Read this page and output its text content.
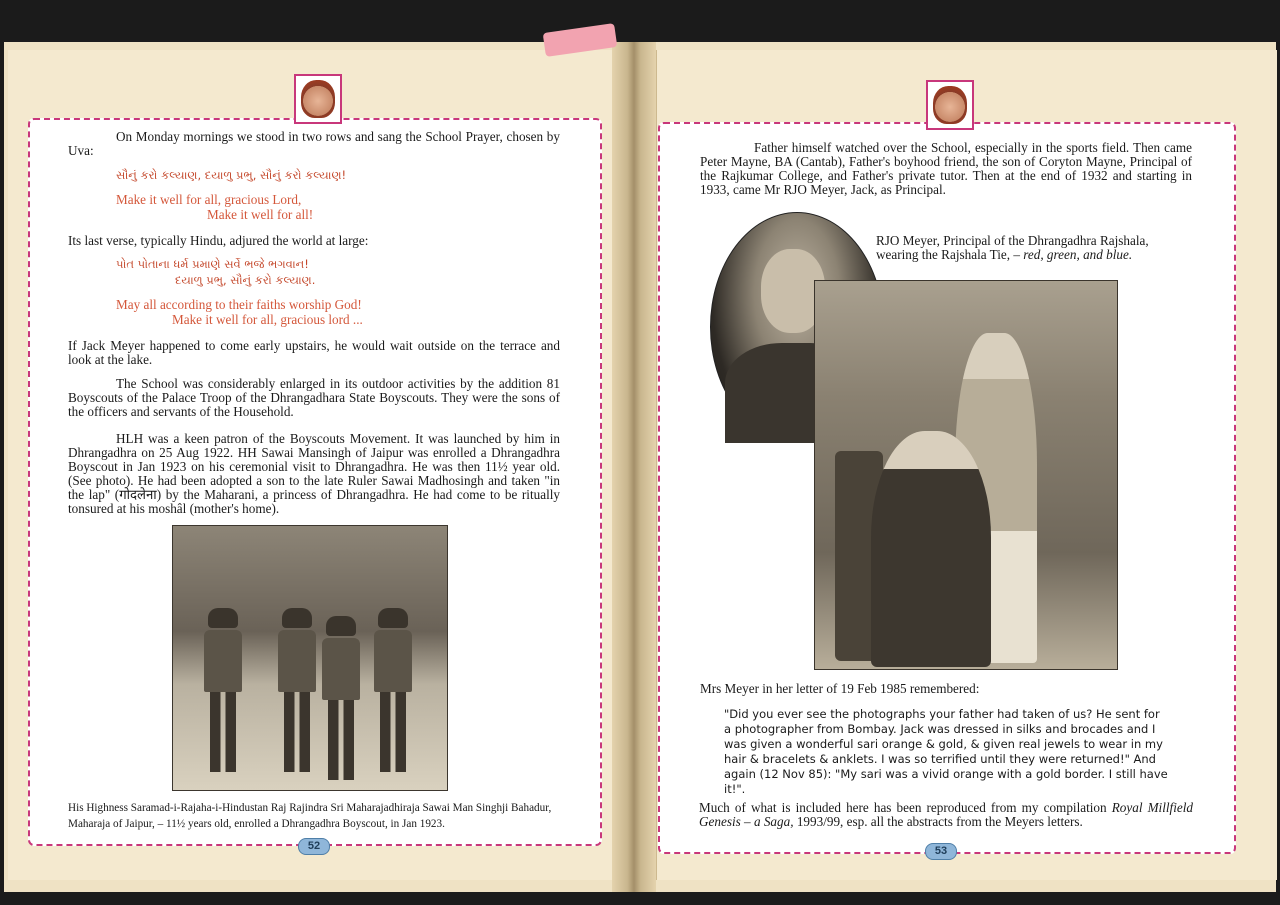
On Monday mornings we stood in two rows and sang the School Prayer, chosen by Uva:

સૌનું કરો કલ્યાણ, દયાળુ પ્રભુ, સૌનું કરો કલ્યાણ!

Make it well for all, gracious Lord,

Make it well for all!

Its last verse, typically Hindu, adjured the world at large:

પોત પોતાના ધર્મ પ્રમાણે સર્વે ભજે ભગવાન!

દયાળુ પ્રભુ, સૌનું કરો કલ્યાણ.

May all according to their faiths worship God!

Make it well for all, gracious lord ...

If Jack Meyer happened to come early upstairs, he would wait outside on the terrace and look at the lake.

The School was considerably enlarged in its outdoor activities by the addition 81 Boyscouts of the Palace Troop of the Dhrangadhara State Boyscouts. They were the sons of the officers and servants of the Household.

HLH was a keen patron of the Boyscouts Movement. It was launched by him in Dhrangadhra on 25 Aug 1922. HH Sawai Mansingh of Jaipur was enrolled a Dhrangadhra Boyscout in Jan 1923 on his ceremonial visit to Dhrangadhra. He was then 11½ year old. (See photo). He had been adopted a son to the late Ruler Sawai Madhosingh and taken "in the lap" (गोदलेना) by the Maharani, a princess of Dhrangadhra. He had come to be ritually tonsured at his moshâl (mother's home).

His Highness Saramad-i-Rajaha-i-Hindustan Raj Rajindra Sri Maharajadhiraja Sawai Man Singhji Bahadur, Maharaja of Jaipur, – 11½ years old, enrolled a Dhrangadhra Boyscout, in Jan 1923.

52

Father himself watched over the School, especially in the sports field. Then came Peter Mayne, BA (Cantab), Father's boyhood friend, the son of Coryton Mayne, Principal of the Rajkumar College, and Father's private tutor. Then at the end of 1932 and starting in 1933, came Mr RJO Meyer, Jack, as Principal.

RJO Meyer, Principal of the Dhrangadhra Rajshala,
wearing the Rajshala Tie, – red, green, and blue.

Mrs Meyer in her letter of 19 Feb 1985 remembered:

"Did you ever see the photographs your father had taken of us? He sent for a photographer from Bombay. Jack was dressed in silks and brocades and I was given a wonderful sari orange & gold, & given real jewels to wear in my hair & bracelets & anklets. I was so terrified until they were returned!" And again (12 Nov 85): "My sari was a vivid orange with a gold border. I still have it!".

Much of what is included here has been reproduced from my compilation Royal Millfield Genesis – a Saga, 1993/99, esp. all the abstracts from the Meyers letters.

53
